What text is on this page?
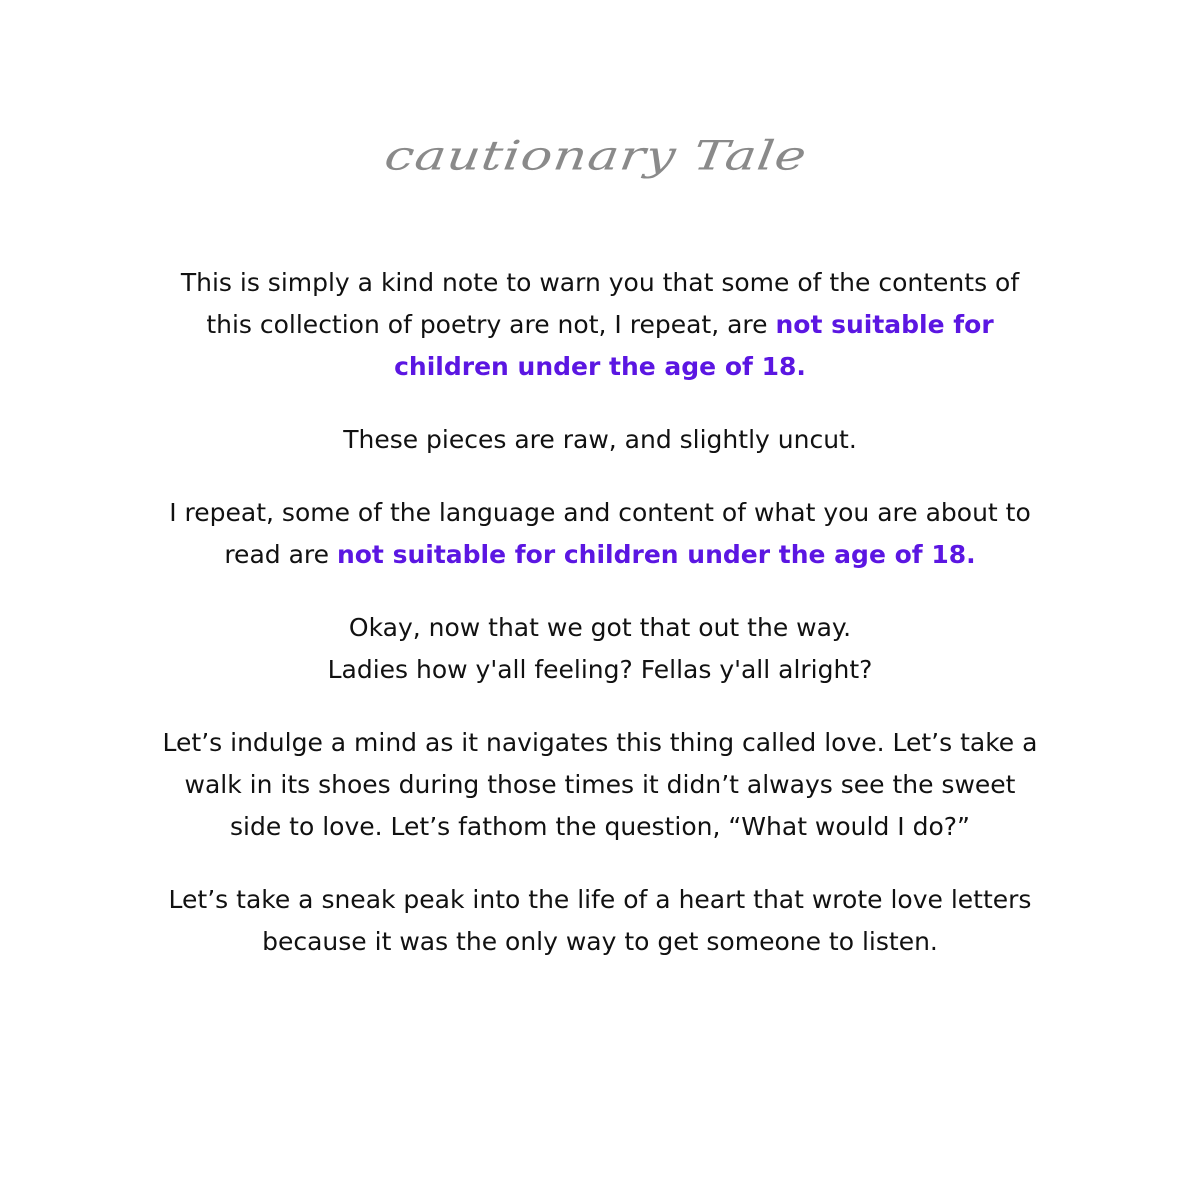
cautionary Tale

This is simply a kind note to warn you that some of the contents of this collection of poetry are not, I repeat, are not suitable for children under the age of 18.

These pieces are raw, and slightly uncut.

I repeat, some of the language and content of what you are about to read are not suitable for children under the age of 18.

Okay, now that we got that out the way.
Ladies how y'all feeling? Fellas y'all alright?

Let’s indulge a mind as it navigates this thing called love. Let’s take a walk in its shoes during those times it didn’t always see the sweet side to love. Let’s fathom the question, “What would I do?”

Let’s take a sneak peak into the life of a heart that wrote love letters because it was the only way to get someone to listen.
